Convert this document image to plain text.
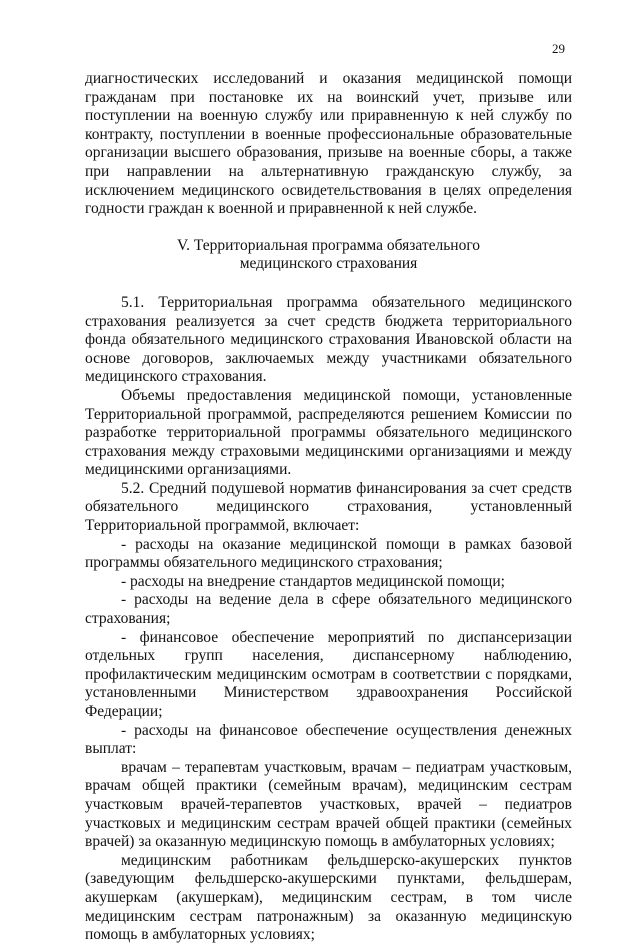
29

диагностических исследований и оказания медицинской помощи гражданам при постановке их на воинский учет, призыве или поступлении на военную службу или приравненную к ней службу по контракту, поступлении в военные профессиональные образовательные организации высшего образования, призыве на военные сборы, а также при направлении на альтернативную гражданскую службу, за исключением медицинского освидетельствования в целях определения годности граждан к военной и приравненной к ней службе.

V. Территориальная программа обязательного
медицинского страхования

5.1. Территориальная программа обязательного медицинского страхования реализуется за счет средств бюджета территориального фонда обязательного медицинского страхования Ивановской области на основе договоров, заключаемых между участниками обязательного медицинского страхования.

Объемы предоставления медицинской помощи, установленные Территориальной программой, распределяются решением Комиссии по разработке территориальной программы обязательного медицинского страхования между страховыми медицинскими организациями и между медицинскими организациями.

5.2. Средний подушевой норматив финансирования за счет средств обязательного медицинского страхования, установленный Территориальной программой, включает:

- расходы на оказание медицинской помощи в рамках базовой программы обязательного медицинского страхования;

- расходы на внедрение стандартов медицинской помощи;

- расходы на ведение дела в сфере обязательного медицинского страхования;

- финансовое обеспечение мероприятий по диспансеризации отдельных групп населения, диспансерному наблюдению, профилактическим медицинским осмотрам в соответствии с порядками, установленными Министерством здравоохранения Российской Федерации;

- расходы на финансовое обеспечение осуществления денежных выплат:

врачам – терапевтам участковым, врачам – педиатрам участковым, врачам общей практики (семейным врачам), медицинским сестрам участковым врачей-терапевтов участковых, врачей – педиатров участковых и медицинским сестрам врачей общей практики (семейных врачей) за оказанную медицинскую помощь в амбулаторных условиях;

медицинским работникам фельдшерско-акушерских пунктов (заведующим фельдшерско-акушерскими пунктами, фельдшерам, акушеркам (акушеркам), медицинским сестрам, в том числе медицинским сестрам патронажным) за оказанную медицинскую помощь в амбулаторных условиях;
